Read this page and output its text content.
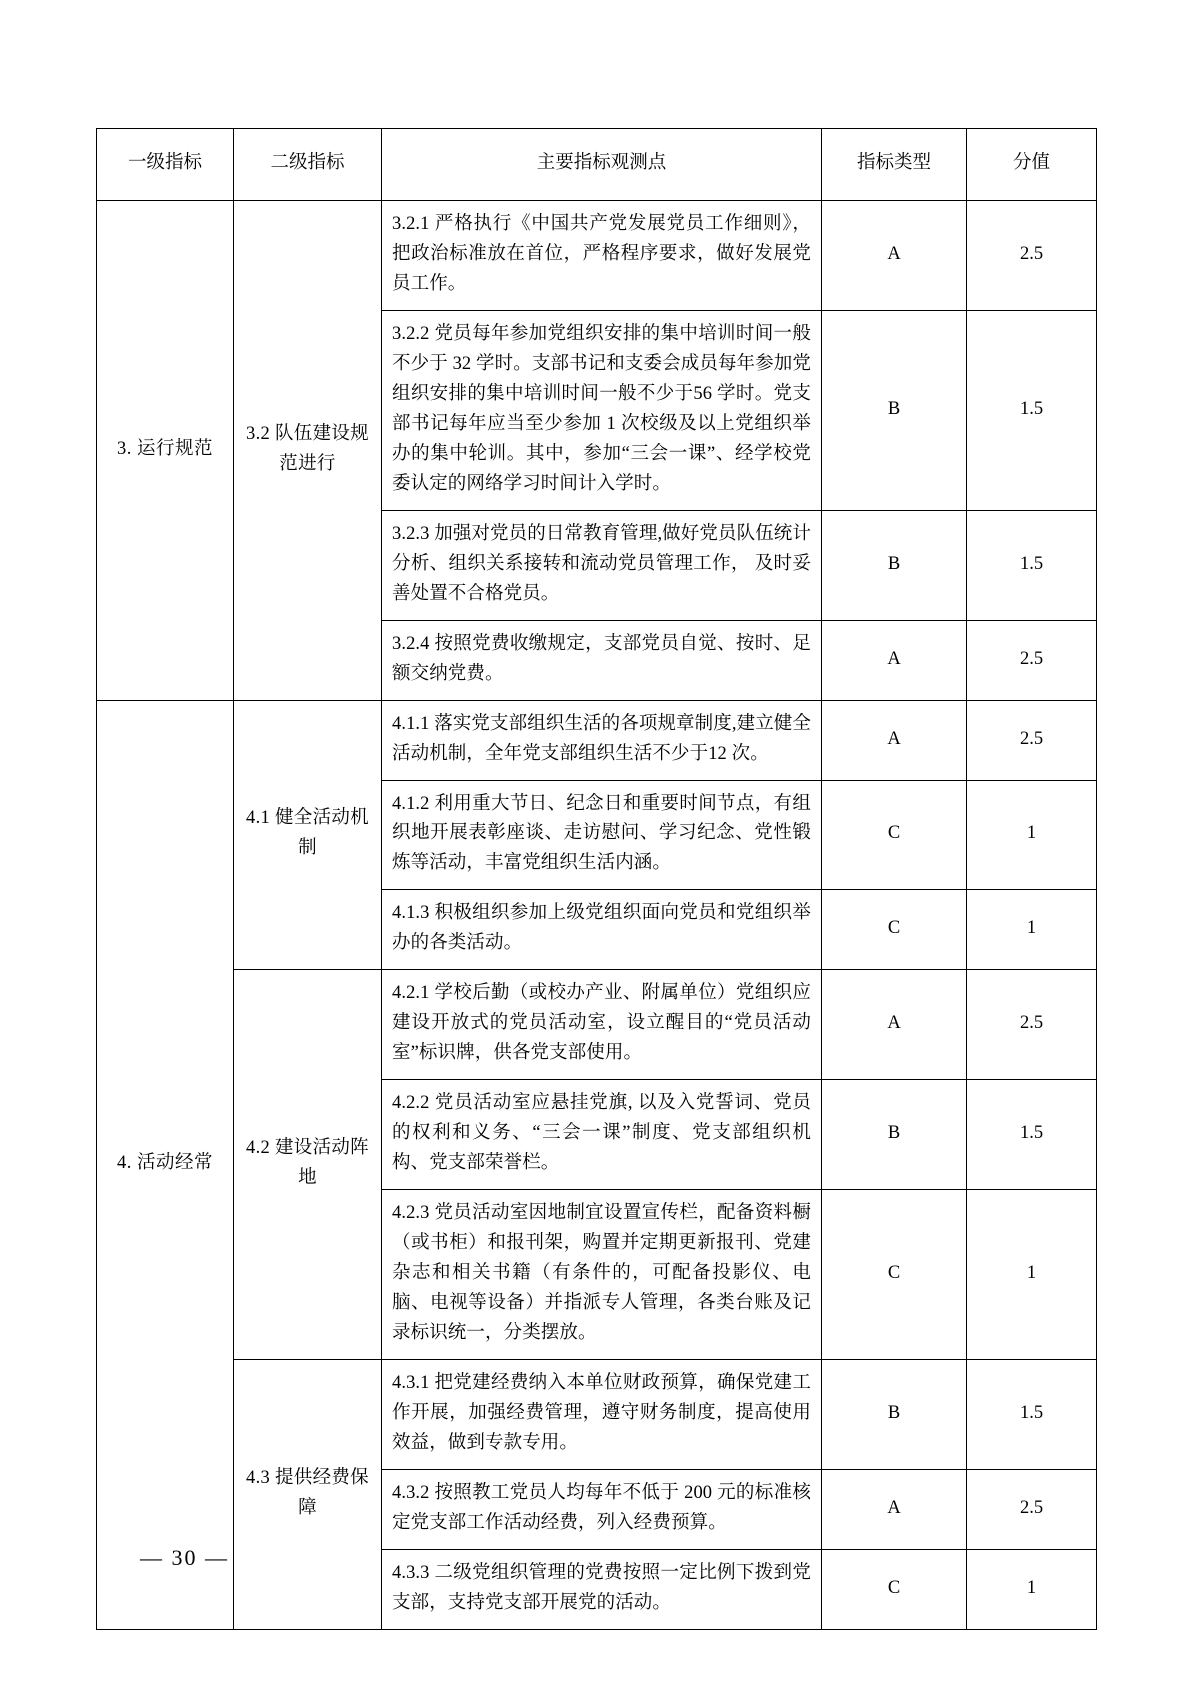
一级指标	二级指标	主要指标观测点	指标类型	分值
3. 运行规范	3.2 队伍建设规范进行	3.2.1 严格执行《中国共产党发展党员工作细则》，把政治标准放在首位，严格程序要求，做好发展党员工作。	A	2.5
		3.2.2 党员每年参加党组织安排的集中培训时间一般不少于 32 学时。支部书记和支委会成员每年参加党组织安排的集中培训时间一般不少于56 学时。党支部书记每年应当至少参加 1 次校级及以上党组织举办的集中轮训。其中，参加“三会一课”、经学校党委认定的网络学习时间计入学时。	B	1.5
		3.2.3 加强对党员的日常教育管理,做好党员队伍统计分析、组织关系接转和流动党员管理工作， 及时妥善处置不合格党员。	B	1.5
		3.2.4 按照党费收缴规定，支部党员自觉、按时、足额交纳党费。	A	2.5
4. 活动经常	4.1 健全活动机制	4.1.1 落实党支部组织生活的各项规章制度,建立健全活动机制，全年党支部组织生活不少于12 次。	A	2.5
		4.1.2 利用重大节日、纪念日和重要时间节点，有组织地开展表彰座谈、走访慰问、学习纪念、党性锻炼等活动，丰富党组织生活内涵。	C	1
		4.1.3 积极组织参加上级党组织面向党员和党组织举办的各类活动。	C	1
	4.2 建设活动阵地	4.2.1 学校后勤（或校办产业、附属单位）党组织应建设开放式的党员活动室，设立醒目的“党员活动室”标识牌，供各党支部使用。	A	2.5
		4.2.2 党员活动室应悬挂党旗, 以及入党誓词、党员的权利和义务、“三会一课”制度、党支部组织机构、党支部荣誉栏。	B	1.5
		4.2.3 党员活动室因地制宜设置宣传栏，配备资料橱（或书柜）和报刊架，购置并定期更新报刊、党建杂志和相关书籍（有条件的，可配备投影仪、电脑、电视等设备）并指派专人管理，各类台账及记录标识统一，分类摆放。	C	1
	4.3 提供经费保障	4.3.1 把党建经费纳入本单位财政预算，确保党建工作开展，加强经费管理，遵守财务制度，提高使用效益，做到专款专用。	B	1.5
		4.3.2 按照教工党员人均每年不低于 200 元的标准核定党支部工作活动经费，列入经费预算。	A	2.5
		4.3.3 二级党组织管理的党费按照一定比例下拨到党支部，支持党支部开展党的活动。	C	1
— 30 —
